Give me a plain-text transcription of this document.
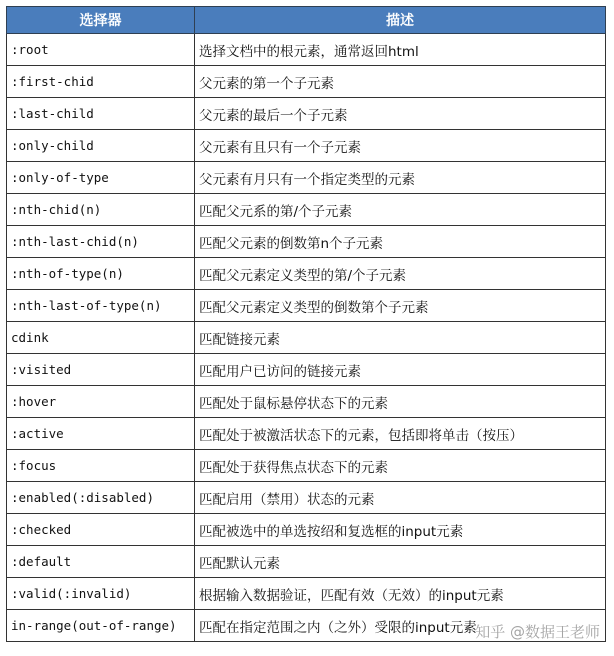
选择器	描述
:root	选择文档中的根元素，通常返回html
:first-chid	父元素的第一个子元素
:last-child	父元素的最后一个子元素
:only-child	父元素有且只有一个子元素
:only-of-type	父元素有月只有一个指定类型的元素
:nth-chid(n)	匹配父元系的第/个子元素
:nth-last-chid(n)	匹配父元素的倒数第n个子元素
:nth-of-type(n)	匹配父元素定义类型的第/个子元素
:nth-last-of-type(n)	匹配父元素定义类型的倒数第个子元素
cdink	匹配链接元素
:visited	匹配用户已访问的链接元素
:hover	匹配处于鼠标悬停状态下的元素
:active	匹配处于被激活状态下的元素，包括即将单击（按压）
:focus	匹配处于获得焦点状态下的元素
:enabled(:disabled)	匹配启用（禁用）状态的元素
:checked	匹配被选中的单选按绍和复选框的input元素
:default	匹配默认元素
:valid(:invalid)	根据输入数据验证，匹配有效（无效）的input元素
in-range(out-of-range)	匹配在指定范围之内（之外）受限的input元素
知乎 @数据王老师
